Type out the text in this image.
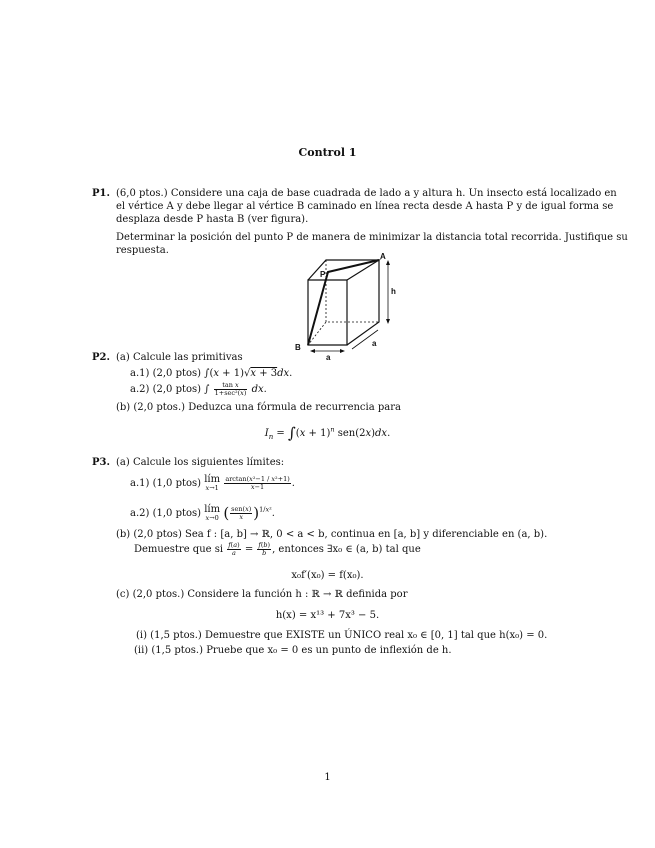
Control 1
P1. (6,0 ptos.) Considere una caja de base cuadrada de lado a y altura h. Un insecto está localizado en
el vértice A y debe llegar al vértice B caminado en línea recta desde A hasta P y de igual forma se
desplaza desde P hasta B (ver figura).
Determinar la posición del punto P de manera de minimizar la distancia total recorrida. Justifique su
respuesta.
A
P
B
h
a
a
P2. (a) Calcule las primitivas
a.1) (2,0 ptos) ∫(x + 1)√x + 3dx.
a.2) (2,0 ptos) ∫ $\frac{\text{tan x}}{\text{1+sec²(x)}}$ dx.
(b) (2,0 ptos.) Deduzca una fórmula de recurrencia para
$I_n = \int(x + 1)^n$ sen(2x)dx.
P3. (a) Calcule los siguientes límites:
a.1) (1,0 ptos) lím
x→1
$\frac{\text{arctan(x²−1 / x²+1)}}{x-1}$ .
a.2) (1,0 ptos) lím
x→0 ( $\frac{\text{sen(x)}}{x} )^{1/x^2}$.
(b) (2,0 ptos) Sea f : [a, b] → ℝ, 0 < a < b, continua en [a, b] y diferenciable en (a, b).
Demuestre que si $\frac{f(a)}{a} = \frac{f(b)}{b}$ , entonces ∃x₀ ∈ (a, b) tal que
x₀f′(x₀) = f(x₀).
(c) (2,0 ptos.) Considere la función h : ℝ → ℝ definida por
h(x) = x¹³ + 7x³ − 5.
(i) (1,5 ptos.) Demuestre que EXISTE un ÚNICO real x₀ ∈ [0, 1] tal que h(x₀) = 0.
(ii) (1,5 ptos.) Pruebe que x₀ = 0 es un punto de inflexión de h.
1
